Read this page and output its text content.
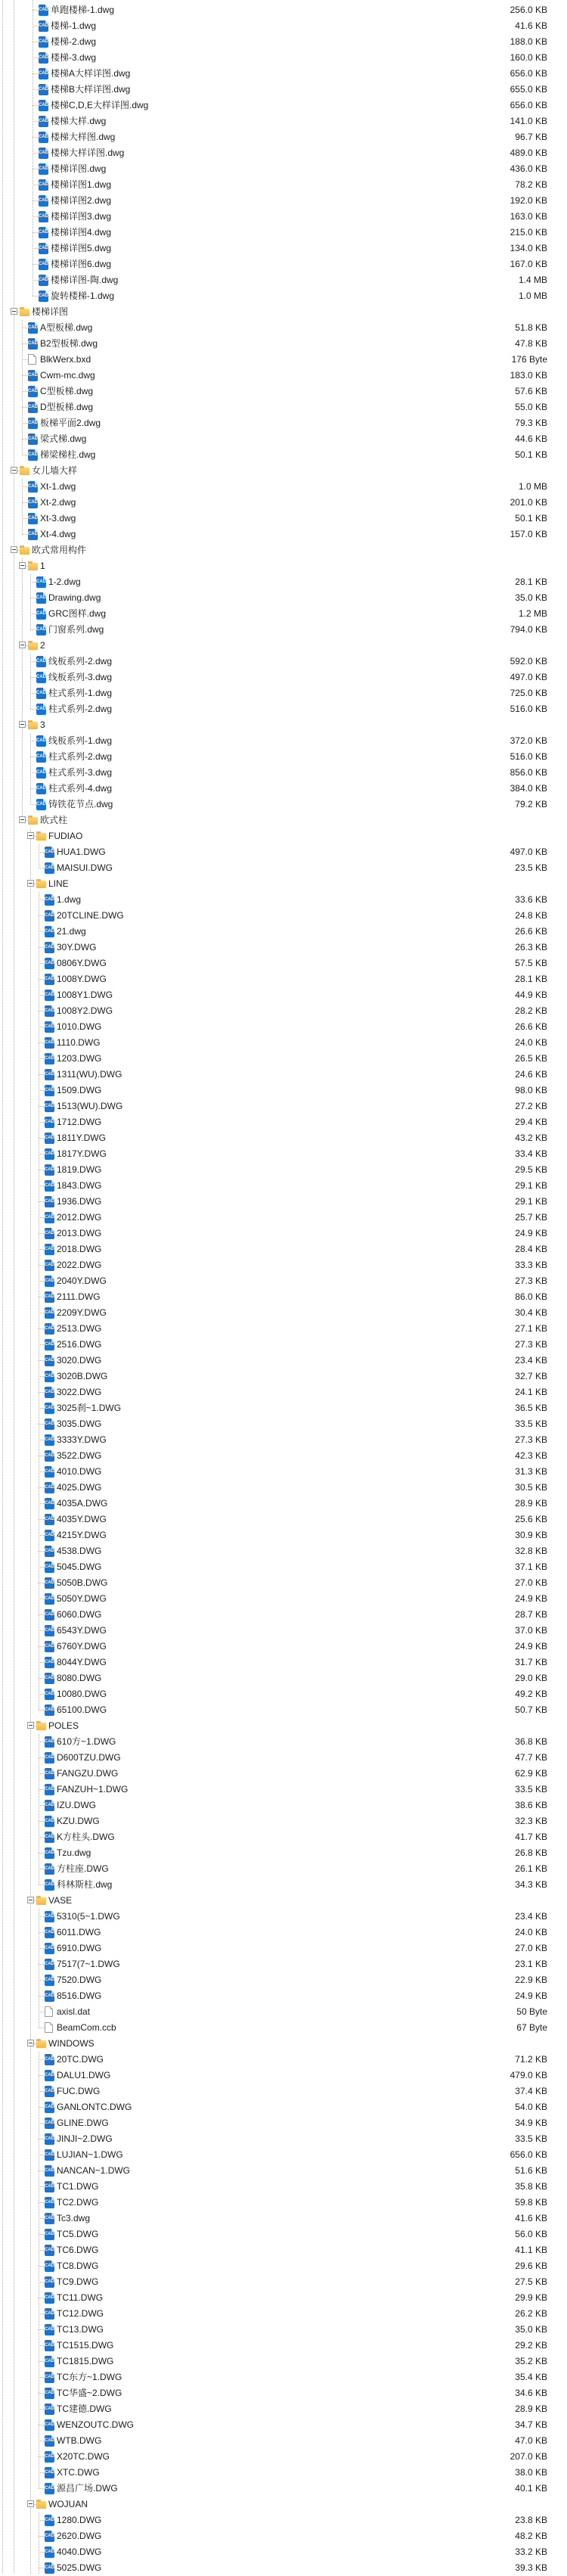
CAD 单跑楼梯-1.dwg	256.0 KB
CAD 楼梯-1.dwg	41.6 KB
CAD 楼梯-2.dwg	188.0 KB
CAD 楼梯-3.dwg	160.0 KB
CAD 楼梯A大样详图.dwg	656.0 KB
CAD 楼梯B大样详图.dwg	655.0 KB
CAD 楼梯C,D,E大样详图.dwg	656.0 KB
CAD 楼梯大样.dwg	141.0 KB
CAD 楼梯大样图.dwg	96.7 KB
CAD 楼梯大样详图.dwg	489.0 KB
CAD 楼梯详图.dwg	436.0 KB
CAD 楼梯详图1.dwg	78.2 KB
CAD 楼梯详图2.dwg	192.0 KB
CAD 楼梯详图3.dwg	163.0 KB
CAD 楼梯详图4.dwg	215.0 KB
CAD 楼梯详图5.dwg	134.0 KB
CAD 楼梯详图6.dwg	167.0 KB
CAD 楼梯详图-陶.dwg	1.4 MB
CAD 旋转楼梯-1.dwg	1.0 MB
楼梯详图
CAD A型板梯.dwg	51.8 KB
CAD B2型板梯.dwg	47.8 KB
BlkWerx.bxd	176 Byte
CAD Cwm-mc.dwg	183.0 KB
CAD C型板梯.dwg	57.6 KB
CAD D型板梯.dwg	55.0 KB
CAD 板梯平面2.dwg	79.3 KB
CAD 梁式梯.dwg	44.6 KB
CAD 梯梁梯柱.dwg	50.1 KB
女儿墙大样
CAD Xt-1.dwg	1.0 MB
CAD Xt-2.dwg	201.0 KB
CAD Xt-3.dwg	50.1 KB
CAD Xt-4.dwg	157.0 KB
欧式常用构件
1
CAD 1-2.dwg	28.1 KB
CAD Drawing.dwg	35.0 KB
CAD GRC图样.dwg	1.2 MB
CAD 门窗系列.dwg	794.0 KB
2
CAD 线板系列-2.dwg	592.0 KB
CAD 线板系列-3.dwg	497.0 KB
CAD 柱式系列-1.dwg	725.0 KB
CAD 柱式系列-2.dwg	516.0 KB
3
CAD 线板系列-1.dwg	372.0 KB
CAD 柱式系列-2.dwg	516.0 KB
CAD 柱式系列-3.dwg	856.0 KB
CAD 柱式系列-4.dwg	384.0 KB
CAD 铸铁花节点.dwg	79.2 KB
欧式柱
FUDIAO
CAD HUA1.DWG	497.0 KB
CAD MAISUI.DWG	23.5 KB
LINE
CAD 1.dwg	33.6 KB
CAD 20TCLINE.DWG	24.8 KB
CAD 21.dwg	26.6 KB
CAD 30Y.DWG	26.3 KB
CAD 0806Y.DWG	57.5 KB
CAD 1008Y.DWG	28.1 KB
CAD 1008Y1.DWG	44.9 KB
CAD 1008Y2.DWG	28.2 KB
CAD 1010.DWG	26.6 KB
CAD 1110.DWG	24.0 KB
CAD 1203.DWG	26.5 KB
CAD 1311(WU).DWG	24.6 KB
CAD 1509.DWG	98.0 KB
CAD 1513(WU).DWG	27.2 KB
CAD 1712.DWG	29.4 KB
CAD 1811Y.DWG	43.2 KB
CAD 1817Y.DWG	33.4 KB
CAD 1819.DWG	29.5 KB
CAD 1843.DWG	29.1 KB
CAD 1936.DWG	29.1 KB
CAD 2012.DWG	25.7 KB
CAD 2013.DWG	24.9 KB
CAD 2018.DWG	28.4 KB
CAD 2022.DWG	33.3 KB
CAD 2040Y.DWG	27.3 KB
CAD 2111.DWG	86.0 KB
CAD 2209Y.DWG	30.4 KB
CAD 2513.DWG	27.1 KB
CAD 2516.DWG	27.3 KB
CAD 3020.DWG	23.4 KB
CAD 3020B.DWG	32.7 KB
CAD 3022.DWG	24.1 KB
CAD 3025刹~1.DWG	36.5 KB
CAD 3035.DWG	33.5 KB
CAD 3333Y.DWG	27.3 KB
CAD 3522.DWG	42.3 KB
CAD 4010.DWG	31.3 KB
CAD 4025.DWG	30.5 KB
CAD 4035A.DWG	28.9 KB
CAD 4035Y.DWG	25.6 KB
CAD 4215Y.DWG	30.9 KB
CAD 4538.DWG	32.8 KB
CAD 5045.DWG	37.1 KB
CAD 5050B.DWG	27.0 KB
CAD 5050Y.DWG	24.9 KB
CAD 6060.DWG	28.7 KB
CAD 6543Y.DWG	37.0 KB
CAD 6760Y.DWG	24.9 KB
CAD 8044Y.DWG	31.7 KB
CAD 8080.DWG	29.0 KB
CAD 10080.DWG	49.2 KB
CAD 65100.DWG	50.7 KB
POLES
CAD 610方~1.DWG	36.8 KB
CAD D600TZU.DWG	47.7 KB
CAD FANGZU.DWG	62.9 KB
CAD FANZUH~1.DWG	33.5 KB
CAD IZU.DWG	38.6 KB
CAD KZU.DWG	32.3 KB
CAD K方柱头.DWG	41.7 KB
CAD Tzu.dwg	26.8 KB
CAD 方柱座.DWG	26.1 KB
CAD 科林斯柱.dwg	34.3 KB
VASE
CAD 5310(5~1.DWG	23.4 KB
CAD 6011.DWG	24.0 KB
CAD 6910.DWG	27.0 KB
CAD 7517(7~1.DWG	23.1 KB
CAD 7520.DWG	22.9 KB
CAD 8516.DWG	24.9 KB
axisl.dat	50 Byte
BeamCom.ccb	67 Byte
WINDOWS
CAD 20TC.DWG	71.2 KB
CAD DALU1.DWG	479.0 KB
CAD FUC.DWG	37.4 KB
CAD GANLONTC.DWG	54.0 KB
CAD GLINE.DWG	34.9 KB
CAD JINJI~2.DWG	33.5 KB
CAD LUJIAN~1.DWG	656.0 KB
CAD NANCAN~1.DWG	51.6 KB
CAD TC1.DWG	35.8 KB
CAD TC2.DWG	59.8 KB
CAD Tc3.dwg	41.6 KB
CAD TC5.DWG	56.0 KB
CAD TC6.DWG	41.1 KB
CAD TC8.DWG	29.6 KB
CAD TC9.DWG	27.5 KB
CAD TC11.DWG	29.9 KB
CAD TC12.DWG	26.2 KB
CAD TC13.DWG	35.0 KB
CAD TC1515.DWG	29.2 KB
CAD TC1815.DWG	35.2 KB
CAD TC东方~1.DWG	35.4 KB
CAD TC华盛~2.DWG	34.6 KB
CAD TC建德.DWG	28.9 KB
CAD WENZOUTC.DWG	34.7 KB
CAD WTB.DWG	47.0 KB
CAD X20TC.DWG	207.0 KB
CAD XTC.DWG	38.0 KB
CAD 源昌广场.DWG	40.1 KB
WOJUAN
CAD 1280.DWG	23.8 KB
CAD 2620.DWG	48.2 KB
CAD 4040.DWG	33.2 KB
CAD 5025.DWG	39.3 KB
